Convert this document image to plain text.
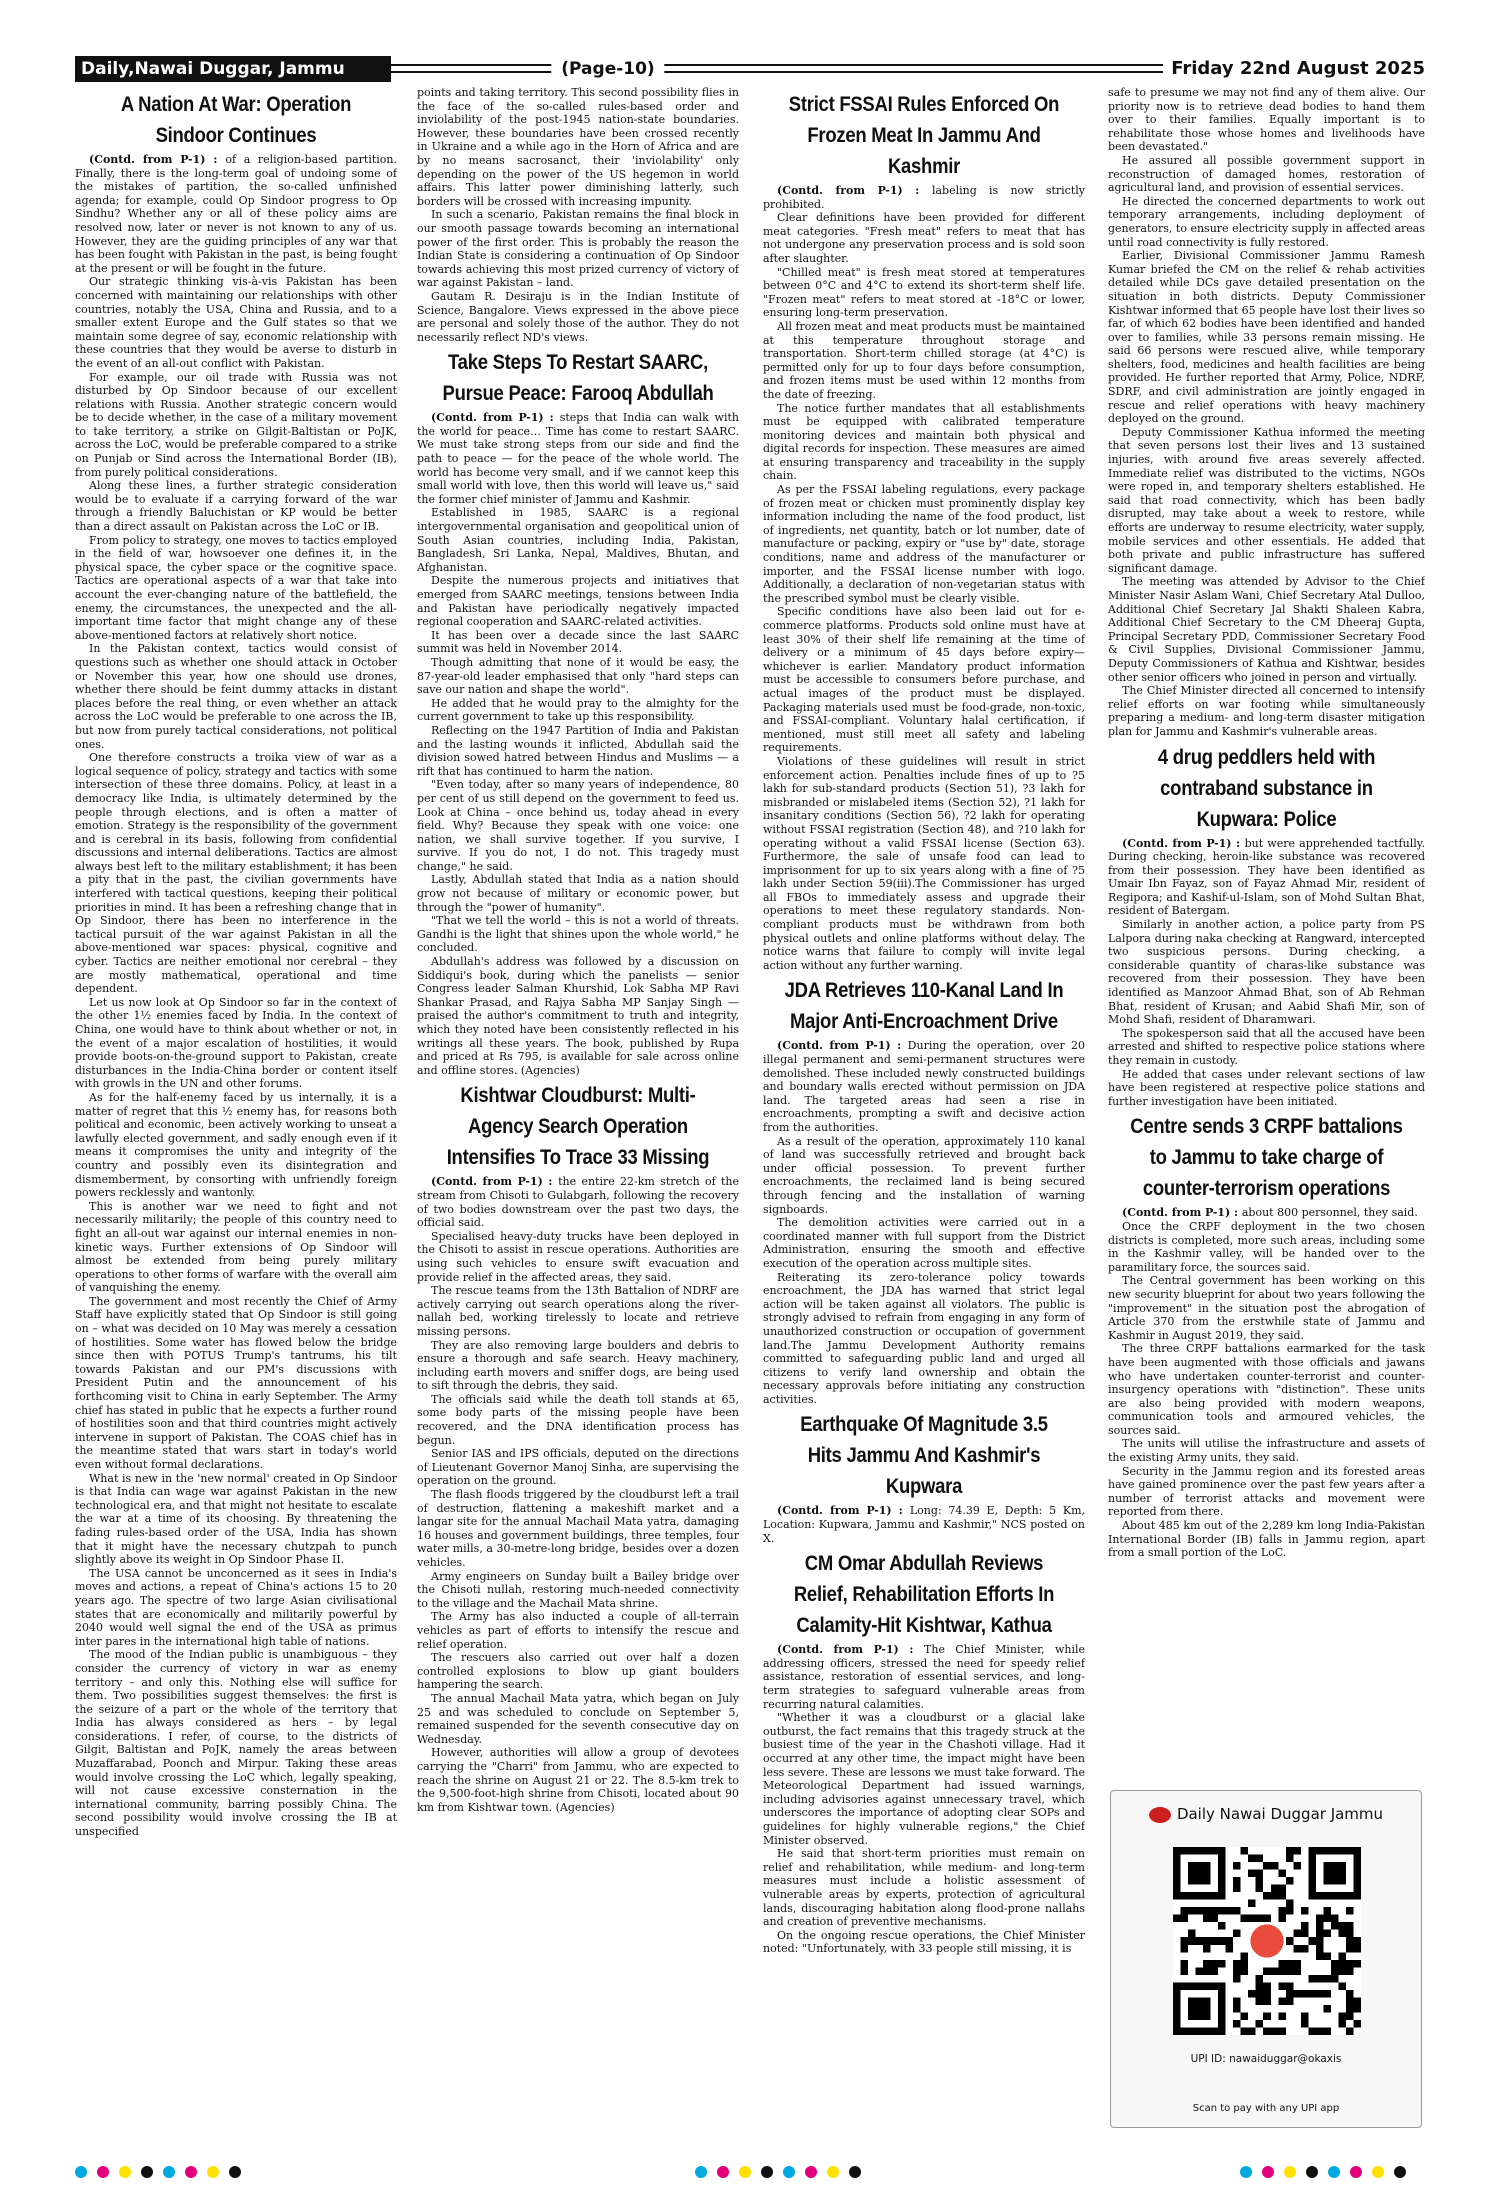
Daily,Nawai Duggar, Jammu	(Page-10)	Friday 22nd August 2025
A Nation At War: Operation Sindoor Continues

(Contd. from P-1) : of a religion-based partition. Finally, there is the long-term goal of undoing some of the mistakes of partition, the so-called unfinished agenda; for example, could Op Sindoor progress to Op Sindhu? Whether any or all of these policy aims are resolved now, later or never is not known to any of us. However, they are the guiding principles of any war that has been fought with Pakistan in the past, is being fought at the present or will be fought in the future.

Our strategic thinking vis-à-vis Pakistan has been concerned with maintaining our relationships with other countries, notably the USA, China and Russia, and to a smaller extent Europe and the Gulf states so that we maintain some degree of say, economic relationship with these countries that they would be averse to disturb in the event of an all-out conflict with Pakistan.

For example, our oil trade with Russia was not disturbed by Op Sindoor because of our excellent relations with Russia. Another strategic concern would be to decide whether, in the case of a military movement to take territory, a strike on Gilgit-Baltistan or PoJK, across the LoC, would be preferable compared to a strike on Punjab or Sind across the International Border (IB), from purely political considerations.

Along these lines, a further strategic consideration would be to evaluate if a carrying forward of the war through a friendly Baluchistan or KP would be better than a direct assault on Pakistan across the LoC or IB.

From policy to strategy, one moves to tactics employed in the field of war, howsoever one defines it, in the physical space, the cyber space or the cognitive space. Tactics are operational aspects of a war that take into account the ever-changing nature of the battlefield, the enemy, the circumstances, the unexpected and the all-important time factor that might change any of these above-mentioned factors at relatively short notice.

In the Pakistan context, tactics would consist of questions such as whether one should attack in October or November this year, how one should use drones, whether there should be feint dummy attacks in distant places before the real thing, or even whether an attack across the LoC would be preferable to one across the IB, but now from purely tactical considerations, not political ones.

One therefore constructs a troika view of war as a logical sequence of policy, strategy and tactics with some intersection of these three domains. Policy, at least in a democracy like India, is ultimately determined by the people through elections, and is often a matter of emotion. Strategy is the responsibility of the government and is cerebral in its basis, following from confidential discussions and internal deliberations. Tactics are almost always best left to the military establishment; it has been a pity that in the past, the civilian governments have interfered with tactical questions, keeping their political priorities in mind. It has been a refreshing change that in Op Sindoor, there has been no interference in the tactical pursuit of the war against Pakistan in all the above-mentioned war spaces: physical, cognitive and cyber. Tactics are neither emotional nor cerebral – they are mostly mathematical, operational and time dependent.

Let us now look at Op Sindoor so far in the context of the other 1½ enemies faced by India. In the context of China, one would have to think about whether or not, in the event of a major escalation of hostilities, it would provide boots-on-the-ground support to Pakistan, create disturbances in the India-China border or content itself with growls in the UN and other forums.

As for the half-enemy faced by us internally, it is a matter of regret that this ½ enemy has, for reasons both political and economic, been actively working to unseat a lawfully elected government, and sadly enough even if it means it compromises the unity and integrity of the country and possibly even its disintegration and dismemberment, by consorting with unfriendly foreign powers recklessly and wantonly.

This is another war we need to fight and not necessarily militarily; the people of this country need to fight an all-out war against our internal enemies in non-kinetic ways. Further extensions of Op Sindoor will almost be extended from being purely military operations to other forms of warfare with the overall aim of vanquishing the enemy.

The government and most recently the Chief of Army Staff have explicitly stated that Op Sindoor is still going on – what was decided on 10 May was merely a cessation of hostilities. Some water has flowed below the bridge since then with POTUS Trump's tantrums, his tilt towards Pakistan and our PM's discussions with President Putin and the announcement of his forthcoming visit to China in early September. The Army chief has stated in public that he expects a further round of hostilities soon and that third countries might actively intervene in support of Pakistan. The COAS chief has in the meantime stated that wars start in today's world even without formal declarations.

What is new in the 'new normal' created in Op Sindoor is that India can wage war against Pakistan in the new technological era, and that might not hesitate to escalate the war at a time of its choosing. By threatening the fading rules-based order of the USA, India has shown that it might have the necessary chutzpah to punch slightly above its weight in Op Sindoor Phase II.

The USA cannot be unconcerned as it sees in India's moves and actions, a repeat of China's actions 15 to 20 years ago. The spectre of two large Asian civilisational states that are economically and militarily powerful by 2040 would well signal the end of the USA as primus inter pares in the international high table of nations.

The mood of the Indian public is unambiguous – they consider the currency of victory in war as enemy territory – and only this. Nothing else will suffice for them. Two possibilities suggest themselves: the first is the seizure of a part or the whole of the territory that India has always considered as hers – by legal considerations. I refer, of course, to the districts of Gilgit, Baltistan and PoJK, namely the areas between Muzaffarabad, Poonch and Mirpur. Taking these areas would involve crossing the LoC which, legally speaking, will not cause excessive consternation in the international community, barring possibly China. The second possibility would involve crossing the IB at unspecified

points and taking territory. This second possibility flies in the face of the so-called rules-based order and inviolability of the post-1945 nation-state boundaries. However, these boundaries have been crossed recently in Ukraine and a while ago in the Horn of Africa and are by no means sacrosanct, their 'inviolability' only depending on the power of the US hegemon in world affairs. This latter power diminishing latterly, such borders will be crossed with increasing impunity.

In such a scenario, Pakistan remains the final block in our smooth passage towards becoming an international power of the first order. This is probably the reason the Indian State is considering a continuation of Op Sindoor towards achieving this most prized currency of victory of war against Pakistan – land.

Gautam R. Desiraju is in the Indian Institute of Science, Bangalore. Views expressed in the above piece are personal and solely those of the author. They do not necessarily reflect ND's views.

Take Steps To Restart SAARC, Pursue Peace: Farooq Abdullah

(Contd. from P-1) : steps that India can walk with the world for peace… Time has come to restart SAARC. We must take strong steps from our side and find the path to peace — for the peace of the whole world. The world has become very small, and if we cannot keep this small world with love, then this world will leave us," said the former chief minister of Jammu and Kashmir.

Established in 1985, SAARC is a regional intergovernmental organisation and geopolitical union of South Asian countries, including India, Pakistan, Bangladesh, Sri Lanka, Nepal, Maldives, Bhutan, and Afghanistan.

Despite the numerous projects and initiatives that emerged from SAARC meetings, tensions between India and Pakistan have periodically negatively impacted regional cooperation and SAARC-related activities.

It has been over a decade since the last SAARC summit was held in November 2014.

Though admitting that none of it would be easy, the 87-year-old leader emphasised that only "hard steps can save our nation and shape the world".

He added that he would pray to the almighty for the current government to take up this responsibility.

Reflecting on the 1947 Partition of India and Pakistan and the lasting wounds it inflicted, Abdullah said the division sowed hatred between Hindus and Muslims — a rift that has continued to harm the nation.

"Even today, after so many years of independence, 80 per cent of us still depend on the government to feed us. Look at China – once behind us, today ahead in every field. Why? Because they speak with one voice: one nation, we shall survive together. If you survive, I survive. If you do not, I do not. This tragedy must change," he said.

Lastly, Abdullah stated that India as a nation should grow not because of military or economic power, but through the "power of humanity".

"That we tell the world – this is not a world of threats. Gandhi is the light that shines upon the whole world," he concluded.

Abdullah's address was followed by a discussion on Siddiqui's book, during which the panelists — senior Congress leader Salman Khurshid, Lok Sabha MP Ravi Shankar Prasad, and Rajya Sabha MP Sanjay Singh — praised the author's commitment to truth and integrity, which they noted have been consistently reflected in his writings all these years. The book, published by Rupa and priced at Rs 795, is available for sale across online and offline stores. (Agencies)

Kishtwar Cloudburst: Multi-Agency Search Operation Intensifies To Trace 33 Missing

(Contd. from P-1) : the entire 22-km stretch of the stream from Chisoti to Gulabgarh, following the recovery of two bodies downstream over the past two days, the official said.

Specialised heavy-duty trucks have been deployed in the Chisoti to assist in rescue operations. Authorities are using such vehicles to ensure swift evacuation and provide relief in the affected areas, they said.

The rescue teams from the 13th Battalion of NDRF are actively carrying out search operations along the river-nallah bed, working tirelessly to locate and retrieve missing persons.

They are also removing large boulders and debris to ensure a thorough and safe search. Heavy machinery, including earth movers and sniffer dogs, are being used to sift through the debris, they said.

The officials said while the death toll stands at 65, some body parts of the missing people have been recovered, and the DNA identification process has begun.

Senior IAS and IPS officials, deputed on the directions of Lieutenant Governor Manoj Sinha, are supervising the operation on the ground.

The flash floods triggered by the cloudburst left a trail of destruction, flattening a makeshift market and a langar site for the annual Machail Mata yatra, damaging 16 houses and government buildings, three temples, four water mills, a 30-metre-long bridge, besides over a dozen vehicles.

Army engineers on Sunday built a Bailey bridge over the Chisoti nullah, restoring much-needed connectivity to the village and the Machail Mata shrine.

The Army has also inducted a couple of all-terrain vehicles as part of efforts to intensify the rescue and relief operation.

The rescuers also carried out over half a dozen controlled explosions to blow up giant boulders hampering the search.

The annual Machail Mata yatra, which began on July 25 and was scheduled to conclude on September 5, remained suspended for the seventh consecutive day on Wednesday.

However, authorities will allow a group of devotees carrying the "Charri" from Jammu, who are expected to reach the shrine on August 21 or 22. The 8.5-km trek to the 9,500-foot-high shrine from Chisoti, located about 90 km from Kishtwar town. (Agencies)

Strict FSSAI Rules Enforced On Frozen Meat In Jammu And Kashmir

(Contd. from P-1) : labeling is now strictly prohibited.

Clear definitions have been provided for different meat categories. "Fresh meat" refers to meat that has not undergone any preservation process and is sold soon after slaughter.

"Chilled meat" is fresh meat stored at temperatures between 0°C and 4°C to extend its short-term shelf life. "Frozen meat" refers to meat stored at -18°C or lower, ensuring long-term preservation.

All frozen meat and meat products must be maintained at this temperature throughout storage and transportation. Short-term chilled storage (at 4°C) is permitted only for up to four days before consumption, and frozen items must be used within 12 months from the date of freezing.

The notice further mandates that all establishments must be equipped with calibrated temperature monitoring devices and maintain both physical and digital records for inspection. These measures are aimed at ensuring transparency and traceability in the supply chain.

As per the FSSAI labeling regulations, every package of frozen meat or chicken must prominently display key information including the name of the food product, list of ingredients, net quantity, batch or lot number, date of manufacture or packing, expiry or "use by" date, storage conditions, name and address of the manufacturer or importer, and the FSSAI license number with logo. Additionally, a declaration of non-vegetarian status with the prescribed symbol must be clearly visible.

Specific conditions have also been laid out for e-commerce platforms. Products sold online must have at least 30% of their shelf life remaining at the time of delivery or a minimum of 45 days before expiry—whichever is earlier. Mandatory product information must be accessible to consumers before purchase, and actual images of the product must be displayed. Packaging materials used must be food-grade, non-toxic, and FSSAI-compliant. Voluntary halal certification, if mentioned, must still meet all safety and labeling requirements.

Violations of these guidelines will result in strict enforcement action. Penalties include fines of up to ?5 lakh for sub-standard products (Section 51), ?3 lakh for misbranded or mislabeled items (Section 52), ?1 lakh for insanitary conditions (Section 56), ?2 lakh for operating without FSSAI registration (Section 48), and ?10 lakh for operating without a valid FSSAI license (Section 63). Furthermore, the sale of unsafe food can lead to imprisonment for up to six years along with a fine of ?5 lakh under Section 59(iii).The Commissioner has urged all FBOs to immediately assess and upgrade their operations to meet these regulatory standards. Non-compliant products must be withdrawn from both physical outlets and online platforms without delay. The notice warns that failure to comply will invite legal action without any further warning.

JDA Retrieves 110-Kanal Land In Major Anti-Encroachment Drive

(Contd. from P-1) : During the operation, over 20 illegal permanent and semi-permanent structures were demolished. These included newly constructed buildings and boundary walls erected without permission on JDA land. The targeted areas had seen a rise in encroachments, prompting a swift and decisive action from the authorities.

As a result of the operation, approximately 110 kanal of land was successfully retrieved and brought back under official possession. To prevent further encroachments, the reclaimed land is being secured through fencing and the installation of warning signboards.

The demolition activities were carried out in a coordinated manner with full support from the District Administration, ensuring the smooth and effective execution of the operation across multiple sites.

Reiterating its zero-tolerance policy towards encroachment, the JDA has warned that strict legal action will be taken against all violators. The public is strongly advised to refrain from engaging in any form of unauthorized construction or occupation of government land.The Jammu Development Authority remains committed to safeguarding public land and urged all citizens to verify land ownership and obtain the necessary approvals before initiating any construction activities.

Earthquake Of Magnitude 3.5 Hits Jammu And Kashmir's Kupwara

(Contd. from P-1) : Long: 74.39 E, Depth: 5 Km, Location: Kupwara, Jammu and Kashmir," NCS posted on X.

CM Omar Abdullah Reviews Relief, Rehabilitation Efforts In Calamity-Hit Kishtwar, Kathua

(Contd. from P-1) : The Chief Minister, while addressing officers, stressed the need for speedy relief assistance, restoration of essential services, and long-term strategies to safeguard vulnerable areas from recurring natural calamities.

"Whether it was a cloudburst or a glacial lake outburst, the fact remains that this tragedy struck at the busiest time of the year in the Chashoti village. Had it occurred at any other time, the impact might have been less severe. These are lessons we must take forward. The Meteorological Department had issued warnings, including advisories against unnecessary travel, which underscores the importance of adopting clear SOPs and guidelines for highly vulnerable regions," the Chief Minister observed.

He said that short-term priorities must remain on relief and rehabilitation, while medium- and long-term measures must include a holistic assessment of vulnerable areas by experts, protection of agricultural lands, discouraging habitation along flood-prone nallahs and creation of preventive mechanisms.

On the ongoing rescue operations, the Chief Minister noted: "Unfortunately, with 33 people still missing, it is

safe to presume we may not find any of them alive. Our priority now is to retrieve dead bodies to hand them over to their families. Equally important is to rehabilitate those whose homes and livelihoods have been devastated."

He assured all possible government support in reconstruction of damaged homes, restoration of agricultural land, and provision of essential services.

He directed the concerned departments to work out temporary arrangements, including deployment of generators, to ensure electricity supply in affected areas until road connectivity is fully restored.

Earlier, Divisional Commissioner Jammu Ramesh Kumar briefed the CM on the relief & rehab activities detailed while DCs gave detailed presentation on the situation in both districts. Deputy Commissioner Kishtwar informed that 65 people have lost their lives so far, of which 62 bodies have been identified and handed over to families, while 33 persons remain missing. He said 66 persons were rescued alive, while temporary shelters, food, medicines and health facilities are being provided. He further reported that Army, Police, NDRF, SDRF, and civil administration are jointly engaged in rescue and relief operations with heavy machinery deployed on the ground.

Deputy Commissioner Kathua informed the meeting that seven persons lost their lives and 13 sustained injuries, with around five areas severely affected. Immediate relief was distributed to the victims, NGOs were roped in, and temporary shelters established. He said that road connectivity, which has been badly disrupted, may take about a week to restore, while efforts are underway to resume electricity, water supply, mobile services and other essentials. He added that both private and public infrastructure has suffered significant damage.

The meeting was attended by Advisor to the Chief Minister Nasir Aslam Wani, Chief Secretary Atal Dulloo, Additional Chief Secretary Jal Shakti Shaleen Kabra, Additional Chief Secretary to the CM Dheeraj Gupta, Principal Secretary PDD, Commissioner Secretary Food & Civil Supplies, Divisional Commissioner Jammu, Deputy Commissioners of Kathua and Kishtwar, besides other senior officers who joined in person and virtually.

The Chief Minister directed all concerned to intensify relief efforts on war footing while simultaneously preparing a medium- and long-term disaster mitigation plan for Jammu and Kashmir's vulnerable areas.

4 drug peddlers held with contraband substance in Kupwara: Police

(Contd. from P-1) : but were apprehended tactfully. During checking, heroin-like substance was recovered from their possession. They have been identified as Umair Ibn Fayaz, son of Fayaz Ahmad Mir, resident of Regipora; and Kashif-ul-Islam, son of Mohd Sultan Bhat, resident of Batergam.

Similarly in another action, a police party from PS Lalpora during naka checking at Rangward, intercepted two suspicious persons. During checking, a considerable quantity of charas-like substance was recovered from their possession. They have been identified as Manzoor Ahmad Bhat, son of Ab Rehman Bhat, resident of Krusan; and Aabid Shafi Mir, son of Mohd Shafi, resident of Dharamwari.

The spokesperson said that all the accused have been arrested and shifted to respective police stations where they remain in custody.

He added that cases under relevant sections of law have been registered at respective police stations and further investigation have been initiated.

Centre sends 3 CRPF battalions to Jammu to take charge of counter-terrorism operations

(Contd. from P-1) : about 800 personnel, they said.

Once the CRPF deployment in the two chosen districts is completed, more such areas, including some in the Kashmir valley, will be handed over to the paramilitary force, the sources said.

The Central government has been working on this new security blueprint for about two years following the "improvement" in the situation post the abrogation of Article 370 from the erstwhile state of Jammu and Kashmir in August 2019, they said.

The three CRPF battalions earmarked for the task have been augmented with those officials and jawans who have undertaken counter-terrorist and counter-insurgency operations with "distinction". These units are also being provided with modern weapons, communication tools and armoured vehicles, the sources said.

The units will utilise the infrastructure and assets of the existing Army units, they said.

Security in the Jammu region and its forested areas have gained prominence over the past few years after a number of terrorist attacks and movement were reported from there.

About 485 km out of the 2,289 km long India-Pakistan International Border (IB) falls in Jammu region, apart from a small portion of the LoC.

Daily Nawai Duggar Jammu
UPI ID: nawaiduggar@okaxis
Scan to pay with any UPI app
